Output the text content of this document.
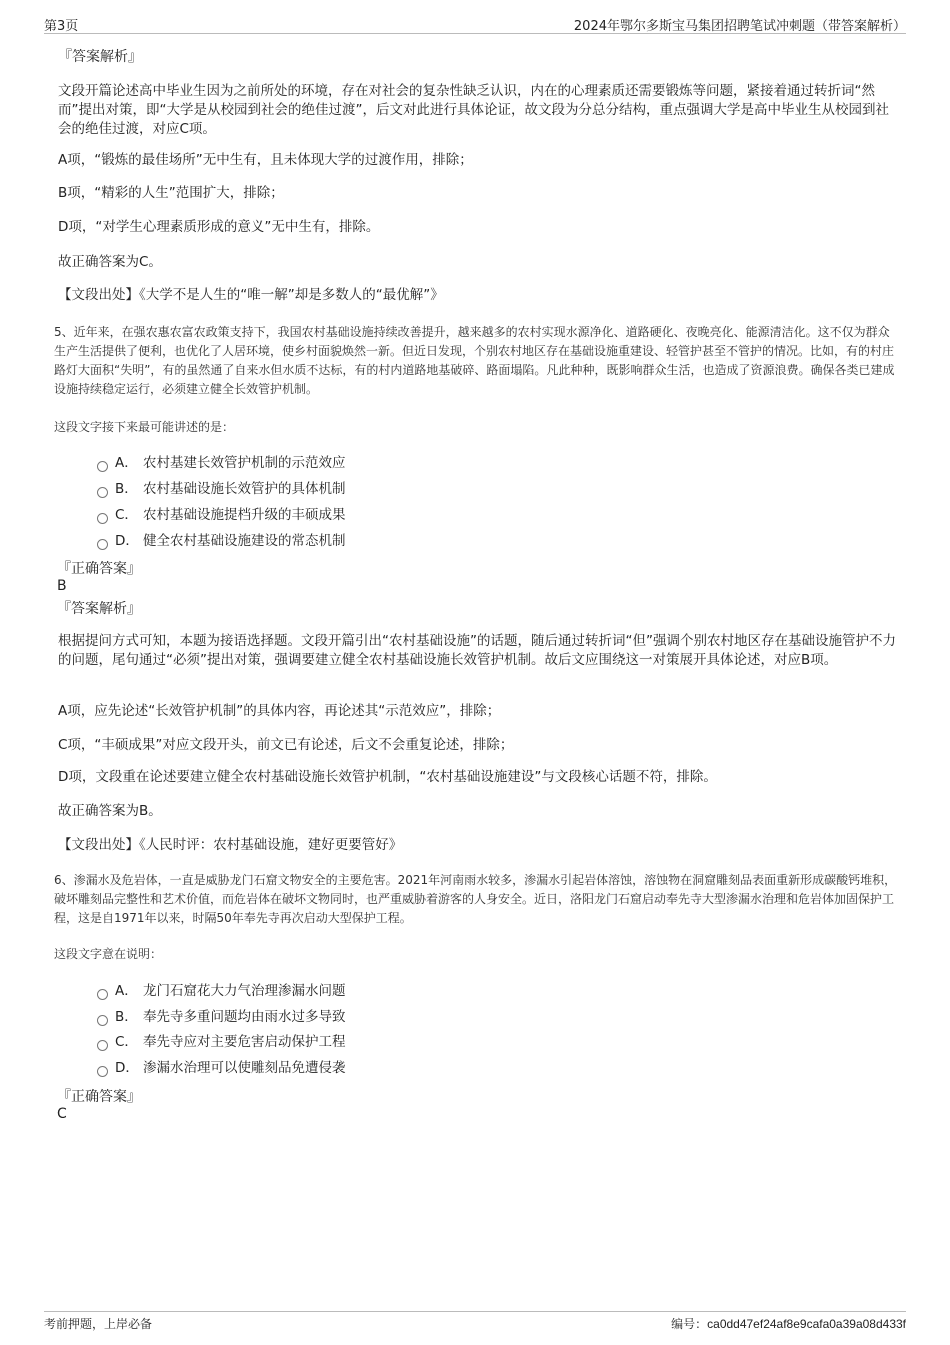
第3页	2024年鄂尔多斯宝马集团招聘笔试冲刺题（带答案解析）
『答案解析』

文段开篇论述高中毕业生因为之前所处的环境，存在对社会的复杂性缺乏认识，内在的心理素质还需要锻炼等问题，紧接着通过转折词“然而”提出对策，即“大学是从校园到社会的绝佳过渡”，后文对此进行具体论证，故文段为分总分结构，重点强调大学是高中毕业生从校园到社会的绝佳过渡，对应C项。

A项，“锻炼的最佳场所”无中生有，且未体现大学的过渡作用，排除；
B项，“精彩的人生”范围扩大，排除；
D项，“对学生心理素质形成的意义”无中生有，排除。
故正确答案为C。
【文段出处】《大学不是人生的“唯一解”却是多数人的“最优解”》

5、近年来，在强农惠农富农政策支持下，我国农村基础设施持续改善提升，越来越多的农村实现水源净化、道路硬化、夜晚亮化、能源清洁化。这不仅为群众生产生活提供了便利，也优化了人居环境，使乡村面貌焕然一新。但近日发现，个别农村地区存在基础设施重建设、轻管护甚至不管护的情况。比如，有的村庄路灯大面积“失明”，有的虽然通了自来水但水质不达标，有的村内道路地基破碎、路面塌陷。凡此种种，既影响群众生活，也造成了资源浪费。确保各类已建成设施持续稳定运行，必须建立健全长效管护机制。

这段文字接下来最可能讲述的是：
A． 农村基建长效管护机制的示范效应
B． 农村基础设施长效管护的具体机制
C． 农村基础设施提档升级的丰硕成果
D． 健全农村基础设施建设的常态机制
『正确答案』
B
『答案解析』

根据提问方式可知，本题为接语选择题。文段开篇引出“农村基础设施”的话题，随后通过转折词“但”强调个别农村地区存在基础设施管护不力的问题，尾句通过“必须”提出对策，强调要建立健全农村基础设施长效管护机制。故后文应围绕这一对策展开具体论述，对应B项。

A项，应先论述“长效管护机制”的具体内容，再论述其“示范效应”，排除；
C项，“丰硕成果”对应文段开头，前文已有论述，后文不会重复论述，排除；
D项，文段重在论述要建立健全农村基础设施长效管护机制，“农村基础设施建设”与文段核心话题不符，排除。
故正确答案为B。
【文段出处】《人民时评：农村基础设施，建好更要管好》

6、渗漏水及危岩体，一直是威胁龙门石窟文物安全的主要危害。2021年河南雨水较多，渗漏水引起岩体溶蚀，溶蚀物在洞窟雕刻品表面重新形成碳酸钙堆积，破坏雕刻品完整性和艺术价值，而危岩体在破坏文物同时，也严重威胁着游客的人身安全。近日，洛阳龙门石窟启动奉先寺大型渗漏水治理和危岩体加固保护工程，这是自1971年以来，时隔50年奉先寺再次启动大型保护工程。

这段文字意在说明：
A． 龙门石窟花大力气治理渗漏水问题
B． 奉先寺多重问题均由雨水过多导致
C． 奉先寺应对主要危害启动保护工程
D． 渗漏水治理可以使雕刻品免遭侵袭
『正确答案』
C
考前押题，上岸必备	编号：ca0dd47ef24af8e9cafa0a39a08d433f
